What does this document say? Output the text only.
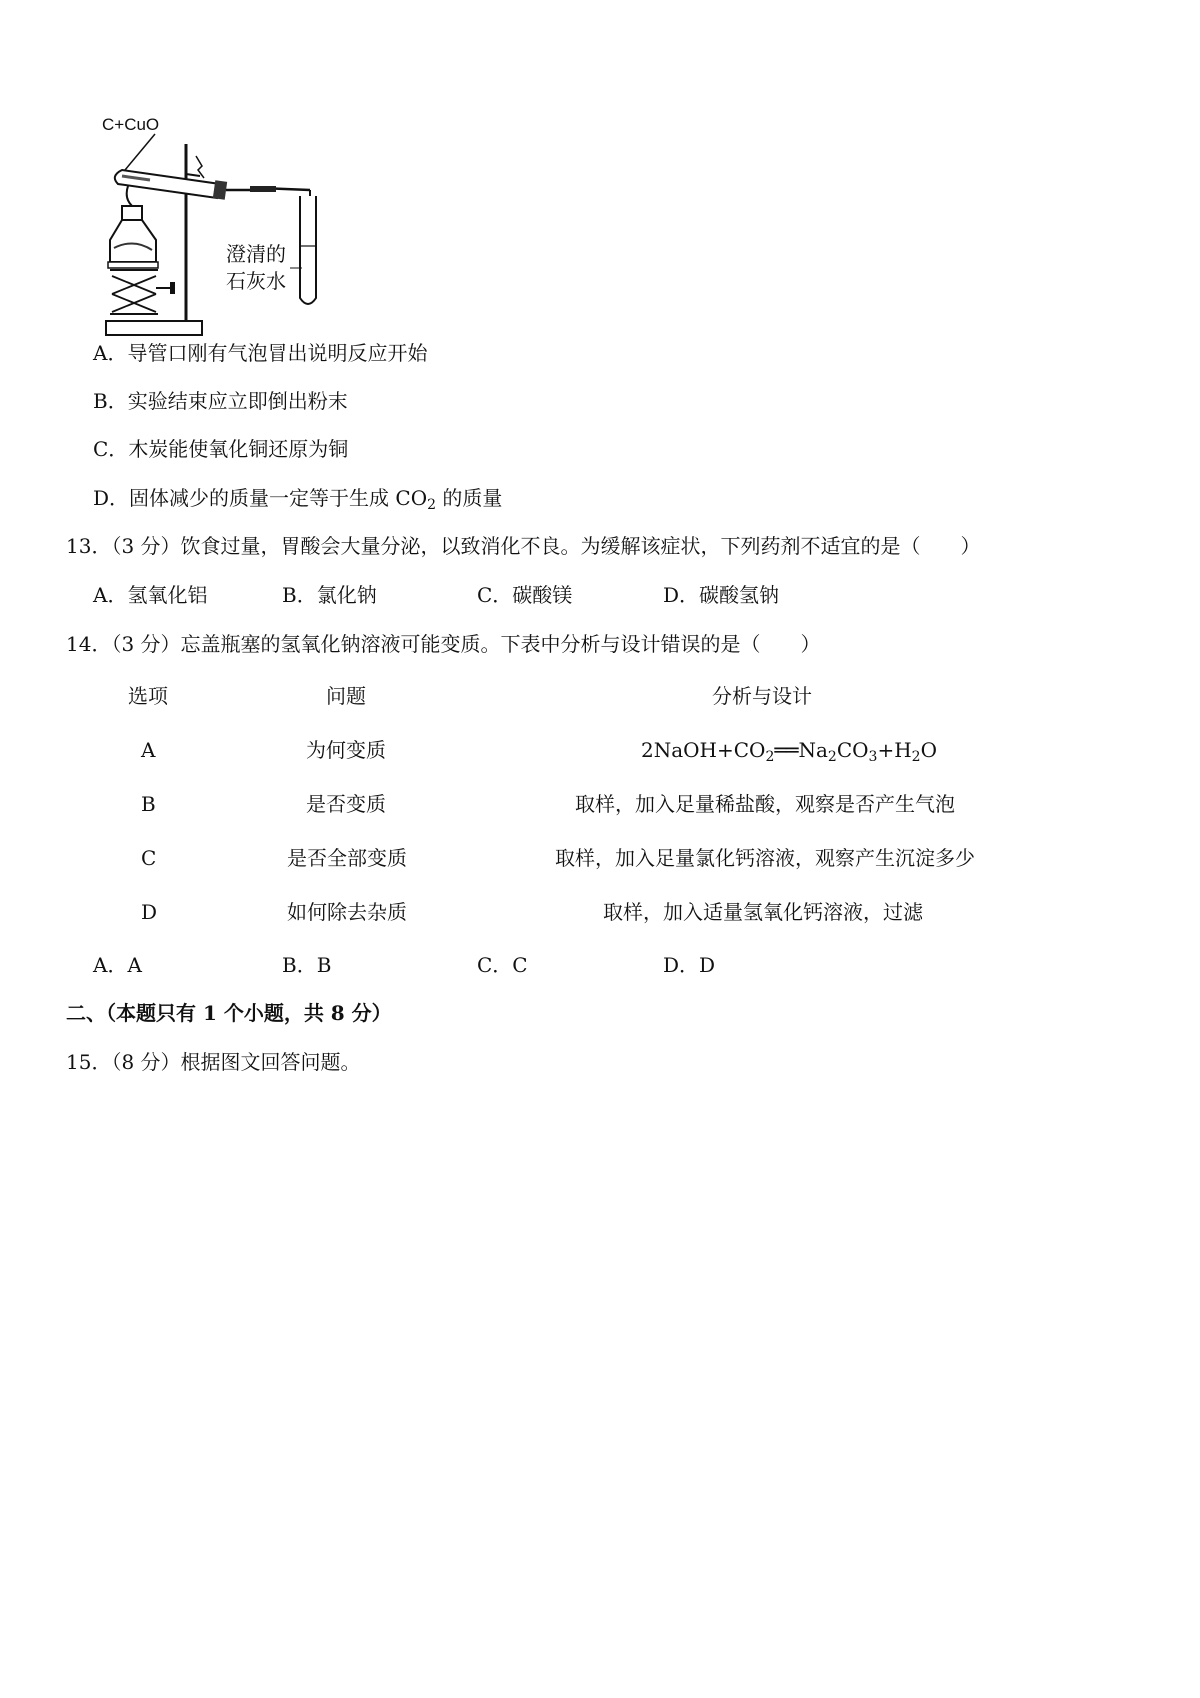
C+CuO
澄清的
石灰水
A．导管口刚有气泡冒出说明反应开始
B．实验结束应立即倒出粉末
C．木炭能使氧化铜还原为铜
D．固体减少的质量一定等于生成 $CO_2$ 的质量
13．（3 分）饮食过量，胃酸会大量分泌，以致消化不良。为缓解该症状，下列药剂不适宜的是（　　）
A．氢氧化铝	B．氯化钠	C．碳酸镁	D．碳酸氢钠
14．（3 分）忘盖瓶塞的氢氧化钠溶液可能变质。下表中分析与设计错误的是（　　）
选项	问题	分析与设计
A	为何变质	$2NaOH+CO_2══Na_2CO_3+H_2O$
B	是否变质	取样，加入足量稀盐酸，观察是否产生气泡
C	是否全部变质	取样，加入足量氯化钙溶液，观察产生沉淀多少
D	如何除去杂质	取样，加入适量氢氧化钙溶液，过滤
A．A	B．B	C．C	D．D
二、（本题只有 1 个小题，共 8 分）
15．（8 分）根据图文回答问题。
